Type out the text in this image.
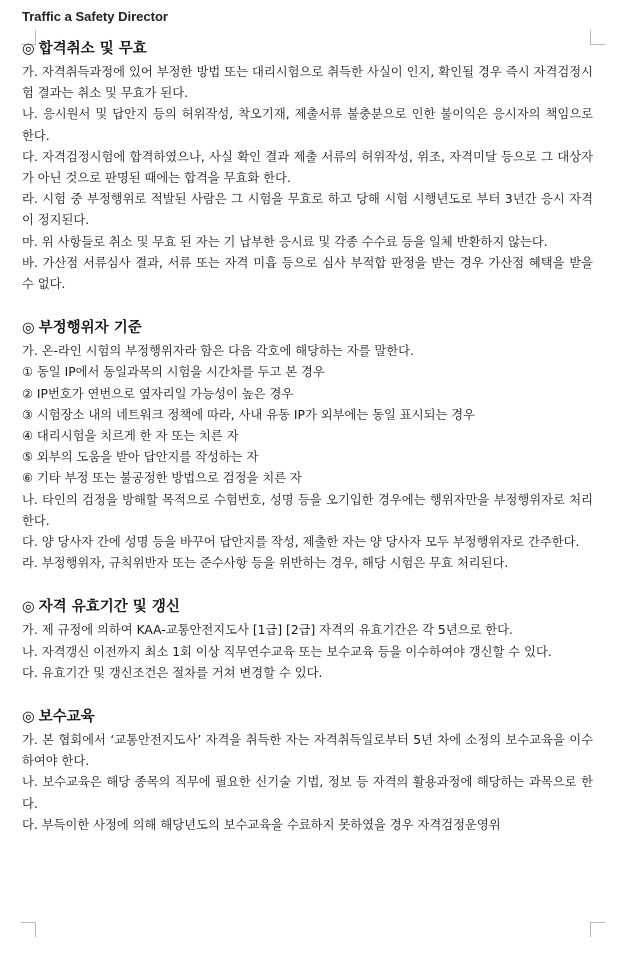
Traffic a Safety Director
◎ 합격취소 및 무효

가. 자격취득과정에 있어 부정한 방법 또는 대리시험으로 취득한 사실이 인지, 확인될 경우 즉시 자격검정시험 결과는 취소 및 무효가 된다.

나. 응시원서 및 답안지 등의 허위작성, 착오기재, 제출서류 불충분으로 인한 불이익은 응시자의 책임으로 한다.

다. 자격검정시험에 합격하였으나, 사실 확인 결과 제출 서류의 허위작성, 위조, 자격미달 등으로 그 대상자가 아닌 것으로 판명된 때에는 합격을 무효화 한다.

라. 시험 중 부정행위로 적발된 사람은 그 시험을 무효로 하고 당해 시험 시행년도로 부터 3년간 응시 자격이 정지된다.

마. 위 사항들로 취소 및 무효 된 자는 기 납부한 응시료 및 각종 수수료 등을 일체 반환하지 않는다.

바. 가산점 서류심사 결과, 서류 또는 자격 미흡 등으로 심사 부적합 판정을 받는 경우 가산점 혜택을 받을 수 없다.

◎ 부정행위자 기준

가. 온-라인 시험의 부정행위자라 함은 다음 각호에 해당하는 자를 말한다.

① 동일 IP에서 동일과목의 시험을 시간차를 두고 본 경우

② IP번호가 연번으로 옆자리일 가능성이 높은 경우

③ 시험장소 내의 네트워크 정책에 따라, 사내 유동 IP가 외부에는 동일 표시되는 경우

④ 대리시험을 치르게 한 자 또는 치른 자

⑤ 외부의 도움을 받아 답안지를 작성하는 자

⑥ 기타 부정 또는 불공정한 방법으로 검정을 치른 자

나. 타인의 검정을 방해할 목적으로 수험번호, 성명 등을 오기입한 경우에는 행위자만을 부정행위자로 처리한다.

다. 양 당사자 간에 성명 등을 바꾸어 답안지를 작성, 제출한 자는 양 당사자 모두 부정행위자로 간주한다.

라. 부정행위자, 규칙위반자 또는 준수사항 등을 위반하는 경우, 해당 시험은 무효 처리된다.

◎ 자격 유효기간 및 갱신

가. 제 규정에 의하여 KAA-교통안전지도사 [1급] [2급] 자격의 유효기간은 각 5년으로 한다.

나. 자격갱신 이전까지 최소 1회 이상 직무연수교육 또는 보수교육 등을 이수하여야 갱신할 수 있다.

다. 유효기간 및 갱신조건은 절차를 거쳐 변경할 수 있다.

◎ 보수교육

가. 본 협회에서 ‘교통안전지도사’ 자격을 취득한 자는 자격취득일로부터 5년 차에 소정의 보수교육을 이수하여야 한다.

나. 보수교육은 해당 종목의 직무에 필요한 신기술 기법, 정보 등 자격의 활용과정에 해당하는 과목으로 한다.

다. 부득이한 사정에 의해 해당년도의 보수교육을 수료하지 못하였을 경우 자격검정운영위
